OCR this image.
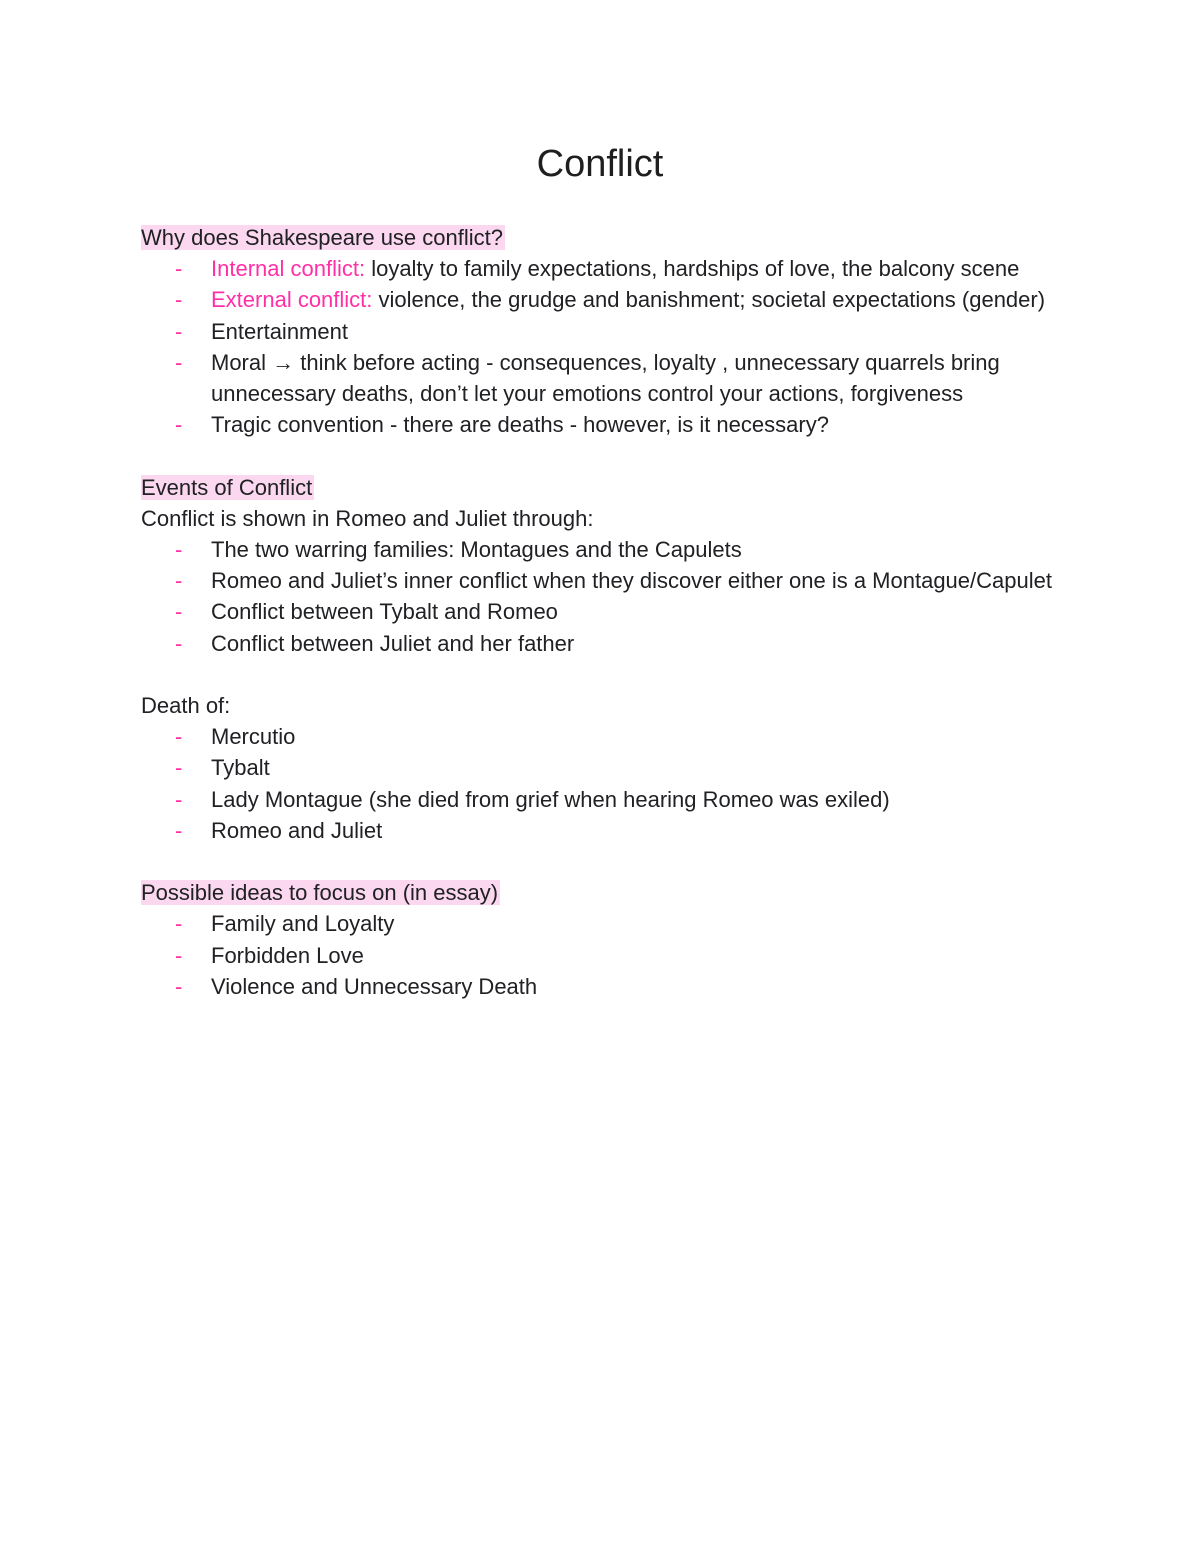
Conflict

Why does Shakespeare use conflict?

- Internal conflict: loyalty to family expectations, hardships of love, the balcony scene
- External conflict: violence, the grudge and banishment; societal expectations (gender)
- Entertainment
- Moral → think before acting - consequences, loyalty , unnecessary quarrels bring unnecessary deaths, don’t let your emotions control your actions, forgiveness
- Tragic convention - there are deaths - however, is it necessary?

Events of Conflict

Conflict is shown in Romeo and Juliet through:

- The two warring families: Montagues and the Capulets
- Romeo and Juliet’s inner conflict when they discover either one is a Montague/Capulet
- Conflict between Tybalt and Romeo
- Conflict between Juliet and her father

Death of:

- Mercutio
- Tybalt
- Lady Montague (she died from grief when hearing Romeo was exiled)
- Romeo and Juliet

Possible ideas to focus on (in essay)

- Family and Loyalty
- Forbidden Love
- Violence and Unnecessary Death
